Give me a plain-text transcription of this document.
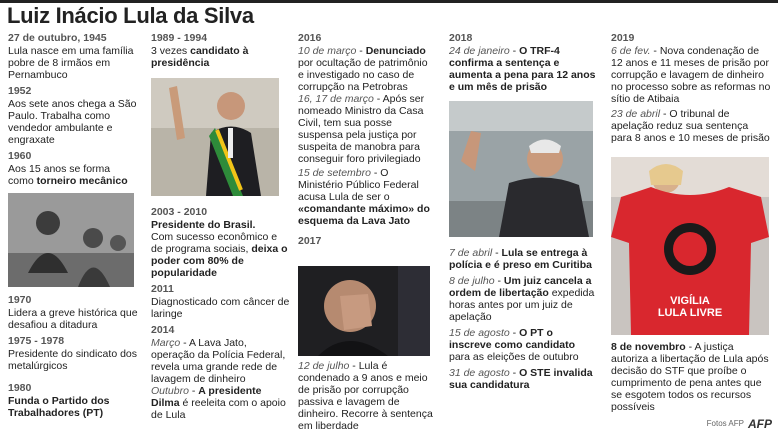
Luiz Inácio Lula da Silva
27 de outubro, 1945
Lula nasce em uma família pobre de 8 irmãos em Pernambuco
1952
Aos sete anos chega a São Paulo. Trabalha como vendedor ambulante e engraxate
1960
Aos 15 anos se forma como torneiro mecânico
1970
Lidera a greve histórica que desafiou a ditadura
1975 - 1978
Presidente do sindicato dos metalúrgicos
1980
Funda o Partido dos Trabalhadores (PT)
1989 - 1994
3 vezes candidato à presidência
2003 - 2010
Presidente do Brasil.
Com sucesso econômico e de programa sociais, deixa o poder com 80% de popularidade
2011
Diagnosticado com câncer de laringe
2014
Março - A Lava Jato, operação da Polícia Federal, revela uma grande rede de lavagem de dinheiro
Outubro - A presidente Dilma é reeleita com o apoio de Lula
2016
10 de março - Denunciado por ocultação de patrimônio e investigado no caso de corrupção na Petrobras
16, 17 de março - Após ser nomeado Ministro da Casa Civil, tem sua posse suspensa pela justiça por suspeita de manobra para conseguir foro privilegiado
15 de setembro - O Ministério Público Federal acusa Lula de ser o «comandante máximo» do esquema da Lava Jato
2017
12 de julho - Lula é condenado a 9 anos e meio de prisão por corrupção passiva e lavagem de dinheiro. Recorre à sentença em liberdade
2018
24 de janeiro - O TRF-4 confirma a sentença e aumenta a pena para 12 anos e um mês de prisão
7 de abril - Lula se entrega à polícia e é preso em Curitiba
8 de julho - Um juiz cancela a ordem de libertação expedida horas antes por um juiz de apelação
15 de agosto - O PT o inscreve como candidato para as eleições de outubro
31 de agosto - O STE invalida sua candidatura
2019
6 de fev. - Nova condenação de 12 anos e 11 meses de prisão por corrupção e lavagem de dinheiro no processo sobre as reformas no sítio de Atibaia
23 de abril - O tribunal de apelação reduz sua sentença para 8 anos e 10 meses de prisão
VIGÍLIA
LULA LIVRE
8 de novembro - A justiça autoriza a libertação de Lula após decisão do STF que proíbe o cumprimento de pena antes que se esgotem todos os recursos possíveis
Fotos AFP AFP
